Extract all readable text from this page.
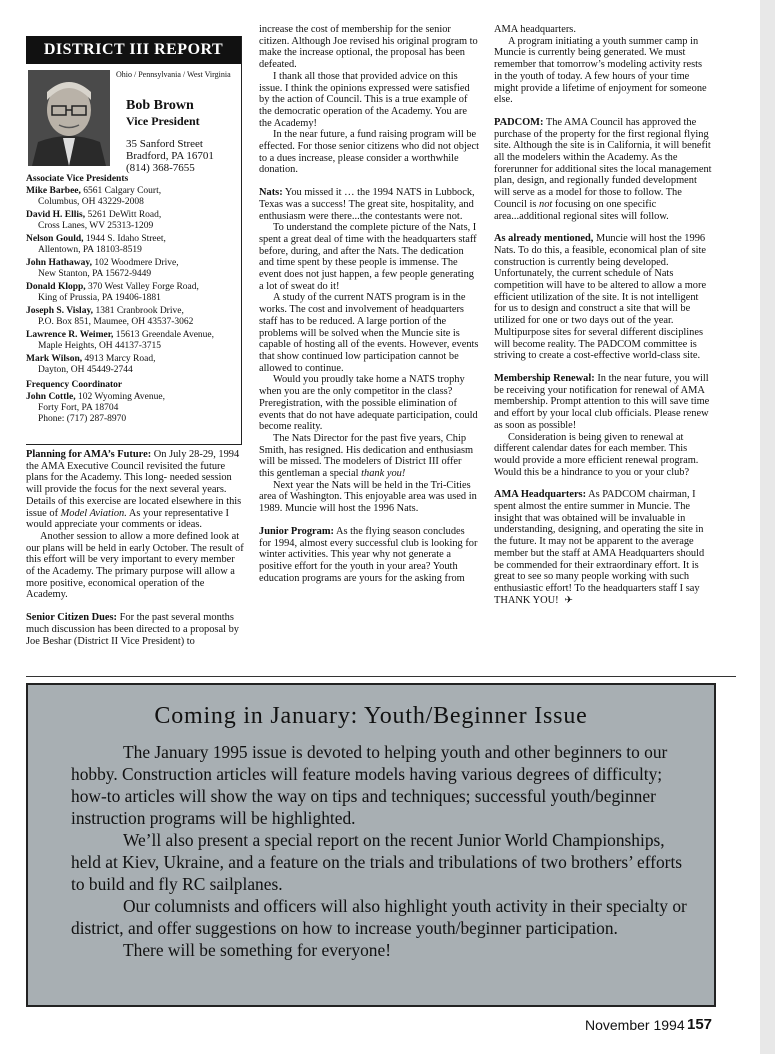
DISTRICT III REPORT
Ohio / Pennsylvania / West Virginia
Bob Brown
Vice President
35 Sanford Street
Bradford, PA 16701
(814) 368-7655
Associate Vice Presidents
Mike Barbee, 6561 Calgary Court,
Columbus, OH 43229-2008
David H. Ellis, 5261 DeWitt Road,
Cross Lanes, WV 25313-1209
Nelson Gould, 1944 S. Idaho Street,
Allentown, PA 18103-8519
John Hathaway, 102 Woodmere Drive,
New Stanton, PA 15672-9449
Donald Klopp, 370 West Valley Forge Road,
King of Prussia, PA 19406-1881
Joseph S. Vislay, 1381 Cranbrook Drive,
P.O. Box 851, Maumee, OH 43537-3062
Lawrence R. Weimer, 15613 Greendale Avenue,
Maple Heights, OH 44137-3715
Mark Wilson, 4913 Marcy Road,
Dayton, OH 45449-2744
Frequency Coordinator
John Cottle, 102 Wyoming Avenue,
Forty Fort, PA 18704
Phone: (717) 287-8970

Planning for AMA’s Future: On July 28-29, 1994 the AMA Executive Council revisited the future plans for the Academy. This long- needed session will provide the focus for the next several years. Details of this exercise are located elsewhere in this issue of Model Aviation. As your representative I would appreciate your comments or ideas.

Another session to allow a more defined look at our plans will be held in early October. The result of this effort will be very important to every member of the Academy. The primary purpose will allow a more positive, economical operation of the Academy.

Senior Citizen Dues: For the past several months much discussion has been directed to a proposal by Joe Beshar (District II Vice President) to

increase the cost of membership for the senior citizen. Although Joe revised his original program to make the increase optional, the proposal has been defeated.

I thank all those that provided advice on this issue. I think the opinions expressed were satisfied by the action of Council. This is a true example of the democratic operation of the Academy. You are the Academy!

In the near future, a fund raising program will be effected. For those senior citizens who did not object to a dues increase, please consider a worthwhile donation.

Nats: You missed it … the 1994 NATS in Lubbock, Texas was a success! The great site, hospitality, and enthusiasm were there...the contestants were not.

To understand the complete picture of the Nats, I spent a great deal of time with the headquarters staff before, during, and after the Nats. The dedication and time spent by these people is immense. The event does not just happen, a few people generating a lot of sweat do it!

A study of the current NATS program is in the works. The cost and involvement of headquarters staff has to be reduced. A large portion of the problems will be solved when the Muncie site is capable of hosting all of the events. However, events that show continued low participation cannot be allowed to continue.

Would you proudly take home a NATS trophy when you are the only competitor in the class? Preregistration, with the possible elimination of events that do not have adequate participation, could become reality.

The Nats Director for the past five years, Chip Smith, has resigned. His dedication and enthusiasm will be missed. The modelers of District III offer this gentleman a special thank you!

Next year the Nats will be held in the Tri-Cities area of Washington. This enjoyable area was used in 1989. Muncie will host the 1996 Nats.

Junior Program: As the flying season concludes for 1994, almost every successful club is looking for winter activities. This year why not generate a positive effort for the youth in your area? Youth education programs are yours for the asking from

AMA headquarters.

A program initiating a youth summer camp in Muncie is currently being generated. We must remember that tomorrow’s modeling activity rests in the youth of today. A few hours of your time might provide a lifetime of enjoyment for someone else.

PADCOM: The AMA Council has approved the purchase of the property for the first regional flying site. Although the site is in California, it will benefit all the modelers within the Academy. As the forerunner for additional sites the local management plan, design, and regionally funded development will serve as a model for those to follow. The Council is not focusing on one specific area...additional regional sites will follow.

As already mentioned, Muncie will host the 1996 Nats. To do this, a feasible, economical plan of site construction is currently being developed. Unfortunately, the current schedule of Nats competition will have to be altered to allow a more efficient utilization of the site. It is not intelligent for us to design and construct a site that will be utilized for one or two days out of the year. Multipurpose sites for several different disciplines will become reality. The PADCOM committee is striving to create a cost-effective world-class site.

Membership Renewal: In the near future, you will be receiving your notification for renewal of AMA membership. Prompt attention to this will save time and effort by your local club officials. Please renew as soon as possible!

Consideration is being given to renewal at different calendar dates for each member. This would provide a more efficient renewal program. Would this be a hindrance to you or your club?

AMA Headquarters: As PADCOM chairman, I spent almost the entire summer in Muncie. The insight that was obtained will be invaluable in understanding, designing, and operating the site in the future. It may not be apparent to the average member but the staff at AMA Headquarters should be commended for their extraordinary effort. It is great to see so many people working with such enthusiastic effort! To the headquarters staff I say THANK YOU! ✈

Coming in January: Youth/Beginner Issue

The January 1995 issue is devoted to helping youth and other beginners to our hobby. Construction articles will feature models having various degrees of difficulty; how-to articles will show the way on tips and techniques; successful youth/beginner instruction programs will be highlighted.

We’ll also present a special report on the recent Junior World Championships, held at Kiev, Ukraine, and a feature on the trials and tribulations of two brothers’ efforts to build and fly RC sailplanes.

Our columnists and officers will also highlight youth activity in their specialty or district, and offer suggestions on how to increase youth/beginner participation.

There will be something for everyone!

November 1994 157
